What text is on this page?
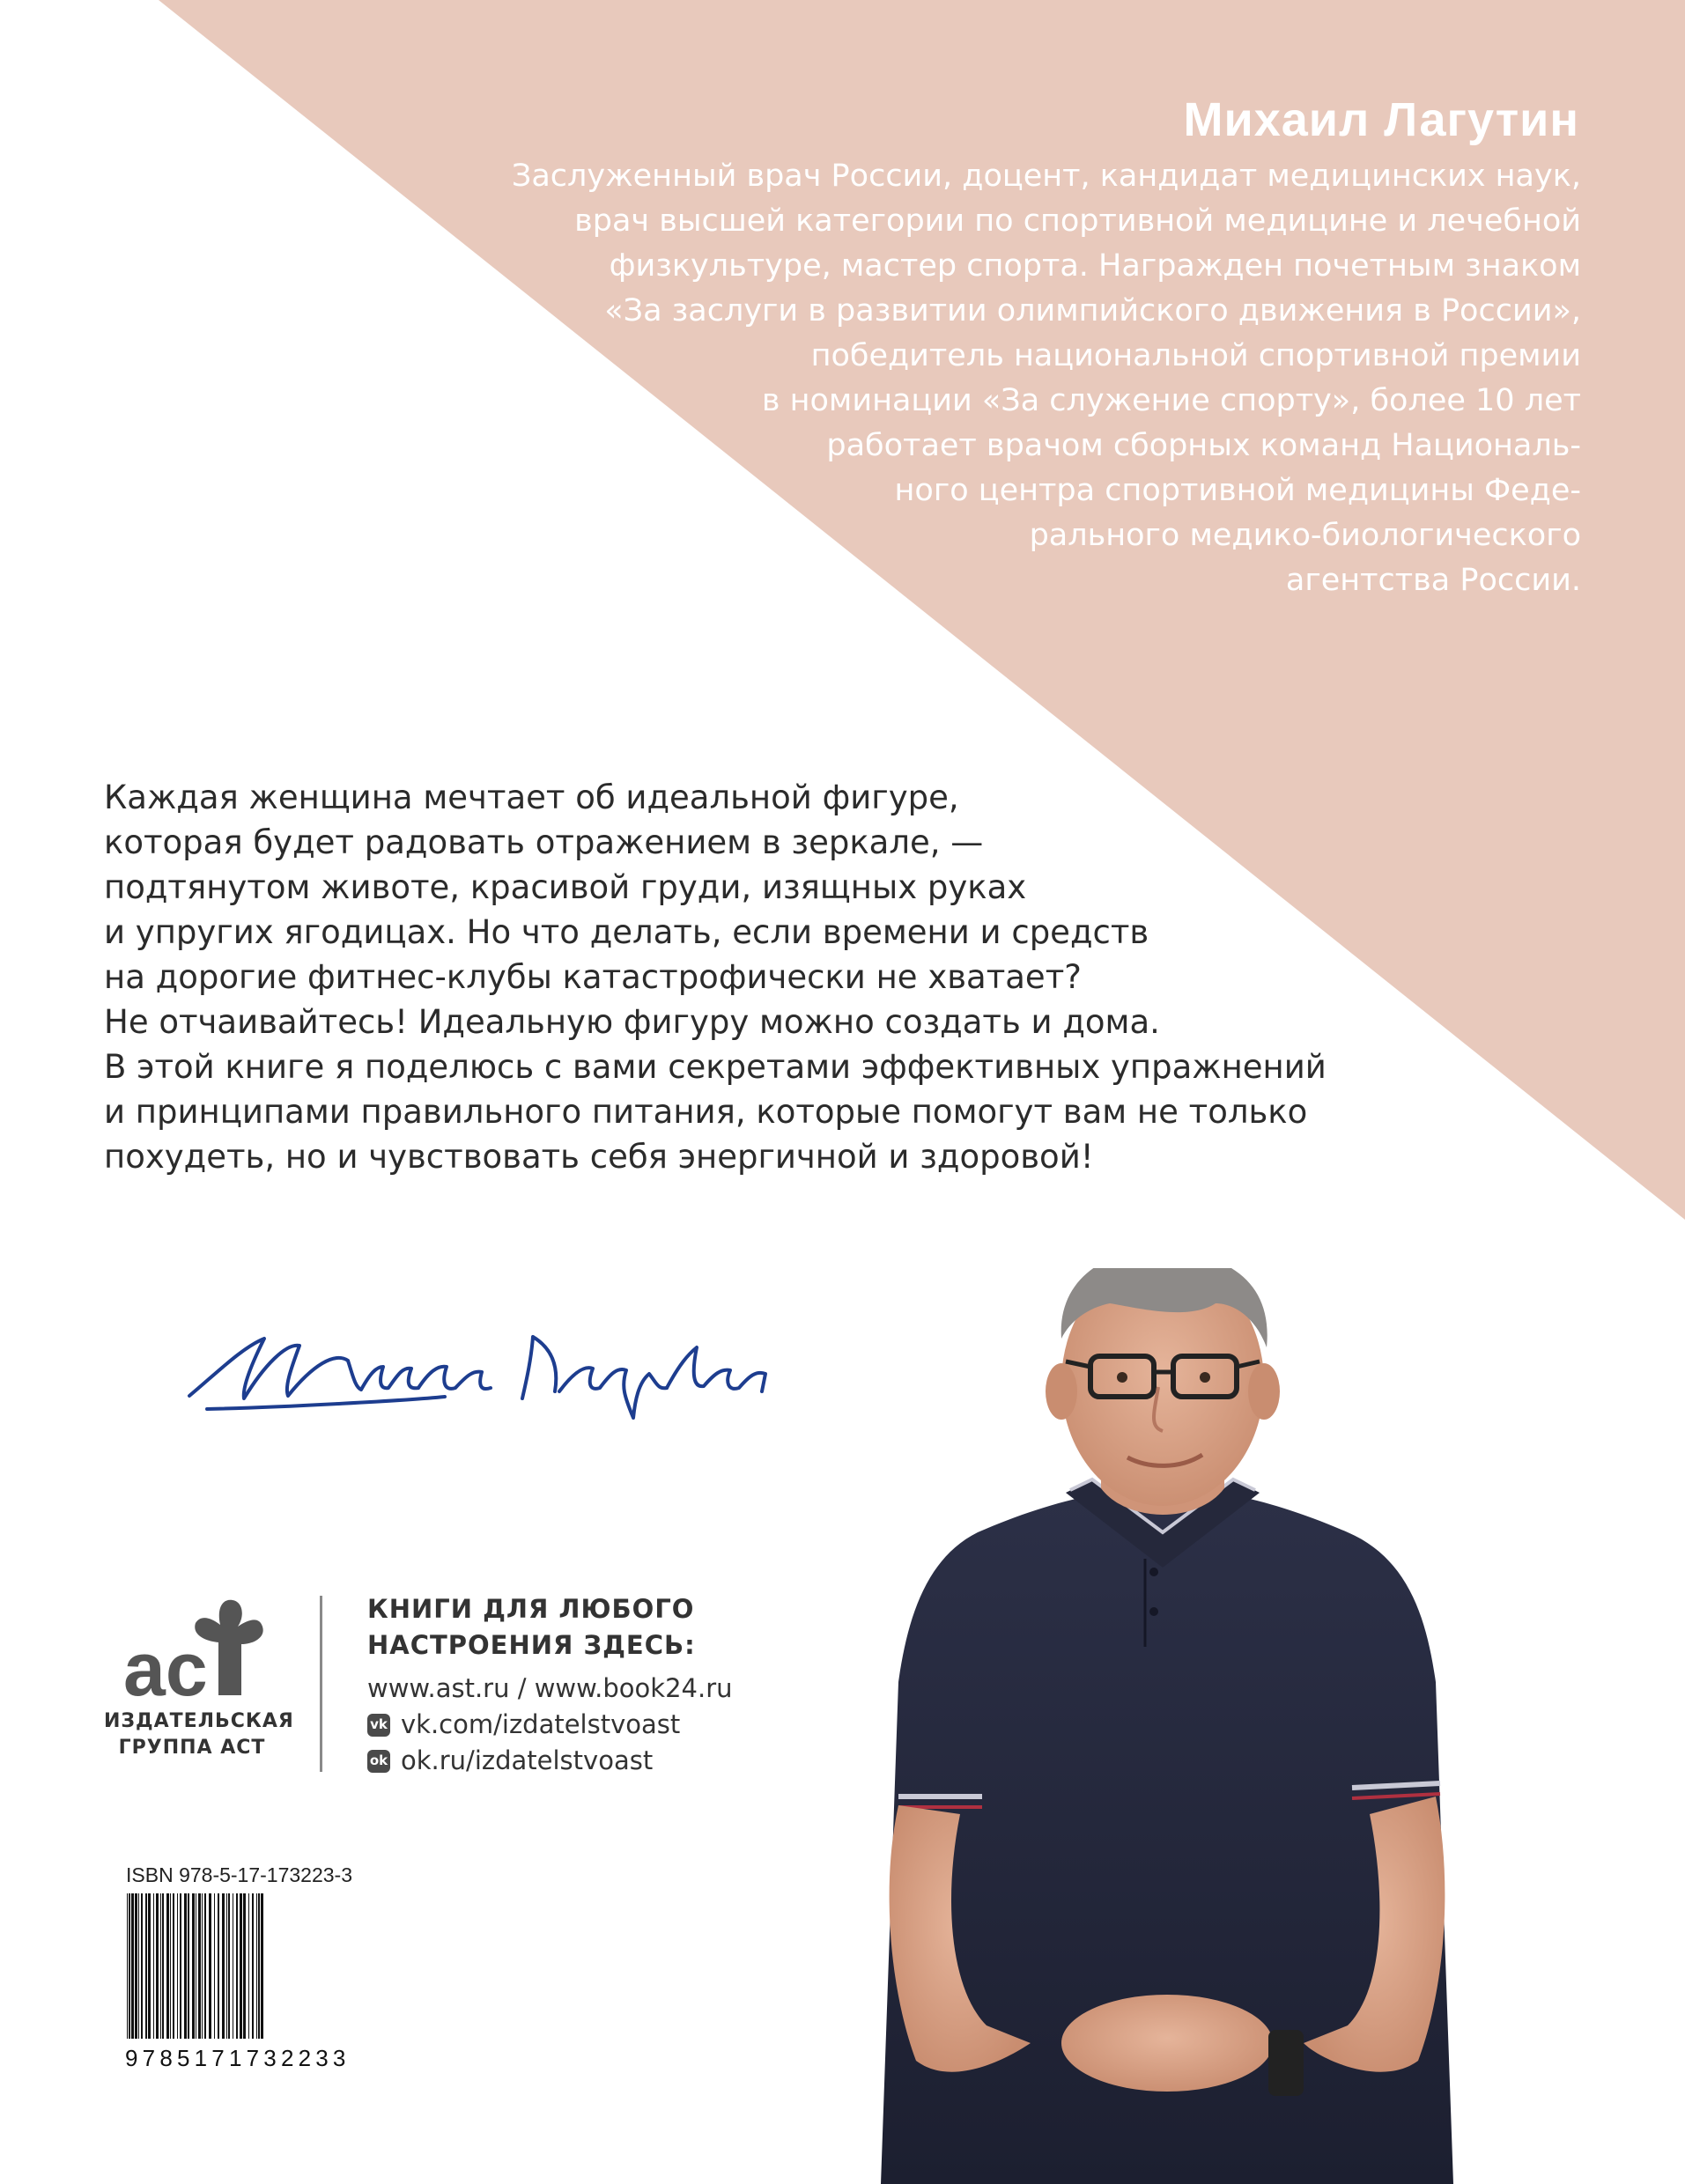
Михаил Лагутин
Заслуженный врач России, доцент, кандидат медицинских наук,
врач высшей категории по спортивной медицине и лечебной
физкультуре, мастер спорта. Награжден почетным знаком
«За заслуги в развитии олимпийского движения в России»,
победитель национальной спортивной премии
в номинации «За служение спорту», более 10 лет
работает врачом сборных команд Националь-
ного центра спортивной медицины Феде-
рального медико-биологического
агентства России.
Каждая женщина мечтает об идеальной фигуре,
которая будет радовать отражением в зеркале, —
подтянутом животе, красивой груди, изящных руках
и упругих ягодицах. Но что делать, если времени и средств
на дорогие фитнес-клубы катастрофически не хватает?
Не отчаивайтесь! Идеальную фигуру можно создать и дома.
В этой книге я поделюсь с вами секретами эффективных упражнений
и принципами правильного питания, которые помогут вам не только
похудеть, но и чувствовать себя энергичной и здоровой!
ac
ИЗДАТЕЛЬСКАЯ
ГРУППА АСТ
КНИГИ ДЛЯ ЛЮБОГО
НАСТРОЕНИЯ ЗДЕСЬ:
www.ast.ru / www.book24.ru
vk vk.com/izdatelstvoast
ok ok.ru/izdatelstvoast
ISBN 978-5-17-173223-3
9785171732233
